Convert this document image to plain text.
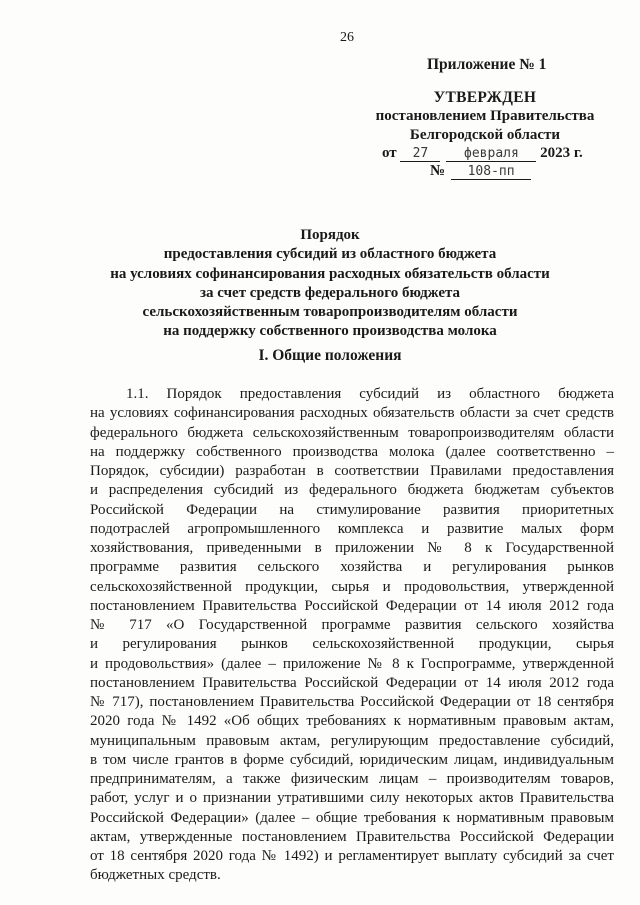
26
Приложение № 1
УТВЕРЖДЕН
постановлением Правительства
Белгородской области
от 27	февраля 2023 г.
№ 108-пп
Порядок
предоставления субсидий из областного бюджета
на условиях софинансирования расходных обязательств области
за счет средств федерального бюджета
сельскохозяйственным товаропроизводителям области
на поддержку собственного производства молока
I. Общие положения
1.1. Порядок предоставления субсидий из областного бюджета
на условиях софинансирования расходных обязательств области за счет средств
федерального бюджета сельскохозяйственным товаропроизводителям области
на поддержку собственного производства молока (далее соответственно –
Порядок, субсидии) разработан в соответствии Правилами предоставления
и распределения субсидий из федерального бюджета бюджетам субъектов
Российской Федерации на стимулирование развития приоритетных
подотраслей агропромышленного комплекса и развитие малых форм
хозяйствования, приведенными в приложении № 8 к Государственной
программе развития сельского хозяйства и регулирования рынков
сельскохозяйственной продукции, сырья и продовольствия, утвержденной
постановлением Правительства Российской Федерации от 14 июля 2012 года
№ 717 «О Государственной программе развития сельского хозяйства
и регулирования рынков сельскохозяйственной продукции, сырья
и продовольствия» (далее – приложение № 8 к Госпрограмме, утвержденной
постановлением Правительства Российской Федерации от 14 июля 2012 года
№ 717), постановлением Правительства Российской Федерации от 18 сентября
2020 года № 1492 «Об общих требованиях к нормативным правовым актам,
муниципальным правовым актам, регулирующим предоставление субсидий,
в том числе грантов в форме субсидий, юридическим лицам, индивидуальным
предпринимателям, а также физическим лицам – производителям товаров,
работ, услуг и о признании утратившими силу некоторых актов Правительства
Российской Федерации» (далее – общие требования к нормативным правовым
актам, утвержденные постановлением Правительства Российской Федерации
от 18 сентября 2020 года № 1492) и регламентирует выплату субсидий за счет
бюджетных средств.
